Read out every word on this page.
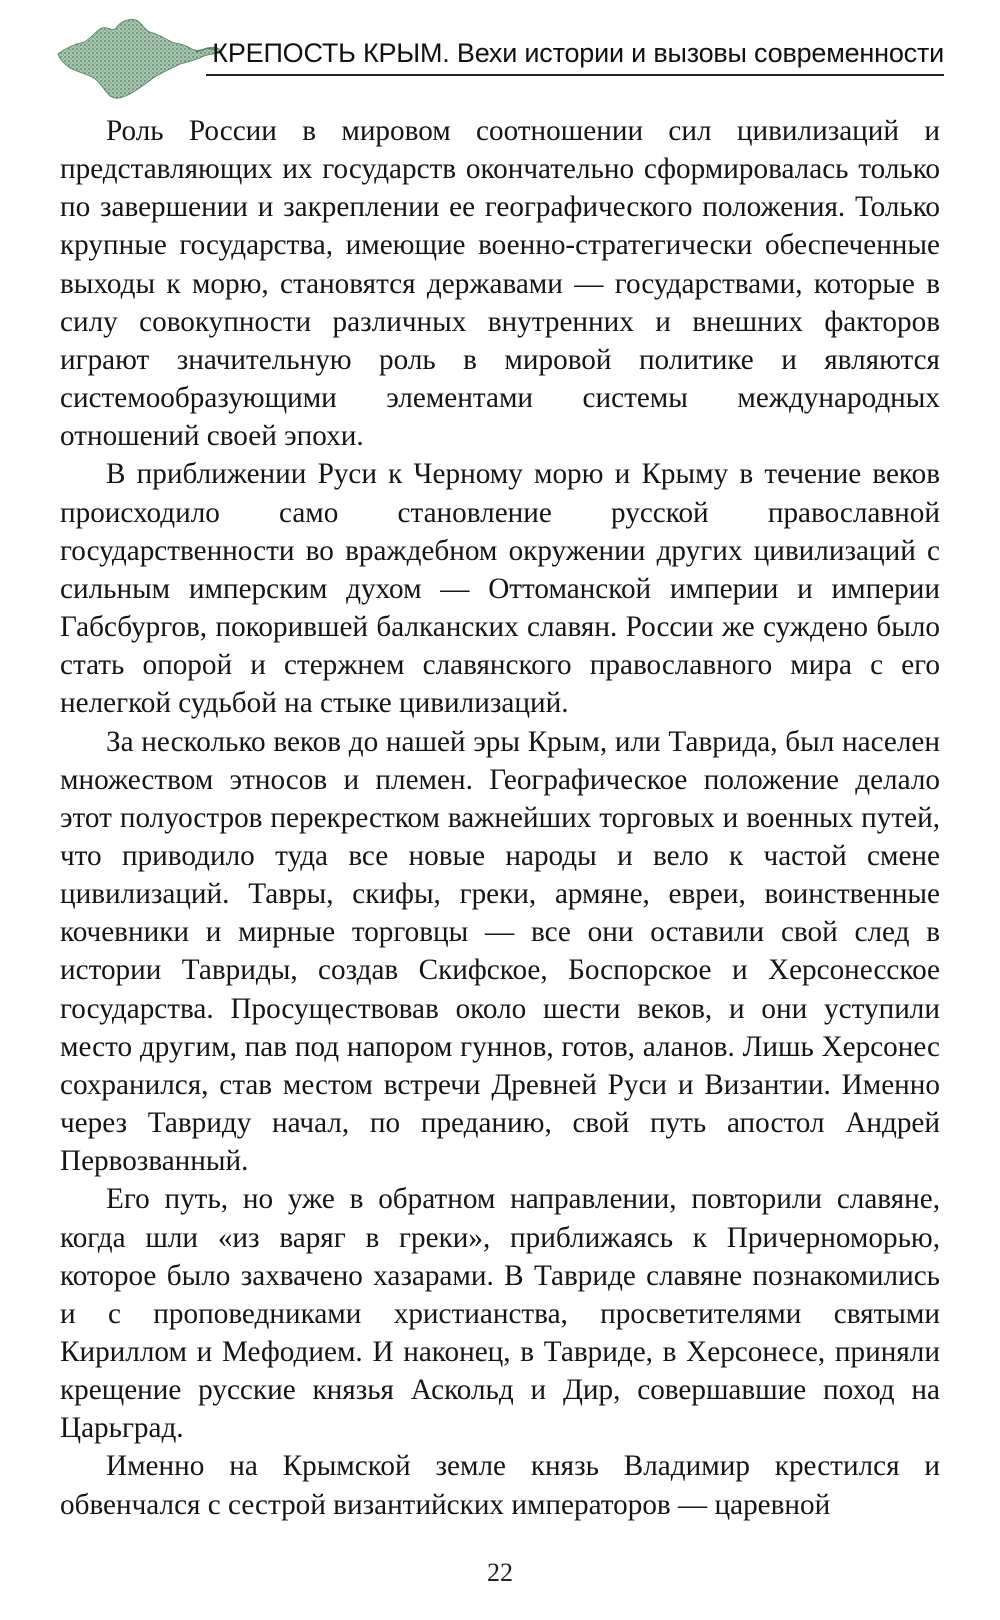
КРЕПОСТЬ КРЫМ. Вехи истории и вызовы современности

Роль России в мировом соотношении сил цивилизаций и представляющих их государств окончательно сформировалась только по завершении и закреплении ее географического положения. Только крупные государства, имеющие военно-стратегически обеспеченные выходы к морю, становятся державами — государствами, которые в силу совокупности различных внутренних и внешних факторов играют значительную роль в мировой политике и являются системообразующими элементами системы международных отношений своей эпохи.

В приближении Руси к Черному морю и Крыму в течение веков происходило само становление русской православной государственности во враждебном окружении других цивилизаций с сильным имперским духом — Оттоманской империи и империи Габсбургов, покорившей балканских славян. России же суждено было стать опорой и стержнем славянского православного мира с его нелегкой судьбой на стыке цивилизаций.

За несколько веков до нашей эры Крым, или Таврида, был населен множеством этносов и племен. Географическое положение делало этот полуостров перекрестком важнейших торговых и военных путей, что приводило туда все новые народы и вело к частой смене цивилизаций. Тавры, скифы, греки, армяне, евреи, воинственные кочевники и мирные торговцы — все они оставили свой след в истории Тавриды, создав Скифское, Боспорское и Херсонесское государства. Просуществовав около шести веков, и они уступили место другим, пав под напором гуннов, готов, аланов. Лишь Херсонес сохранился, став местом встречи Древней Руси и Византии. Именно через Тавриду начал, по преданию, свой путь апостол Андрей Первозванный.

Его путь, но уже в обратном направлении, повторили славяне, когда шли «из варяг в греки», приближаясь к Причерноморью, которое было захвачено хазарами. В Тавриде славяне познакомились и с проповедниками христианства, просветителями святыми Кириллом и Мефодием. И наконец, в Тавриде, в Херсонесе, приняли крещение русские князья Аскольд и Дир, совершавшие поход на Царьград.

Именно на Крымской земле князь Владимир крестился и обвенчался с сестрой византийских императоров — царевной

22
